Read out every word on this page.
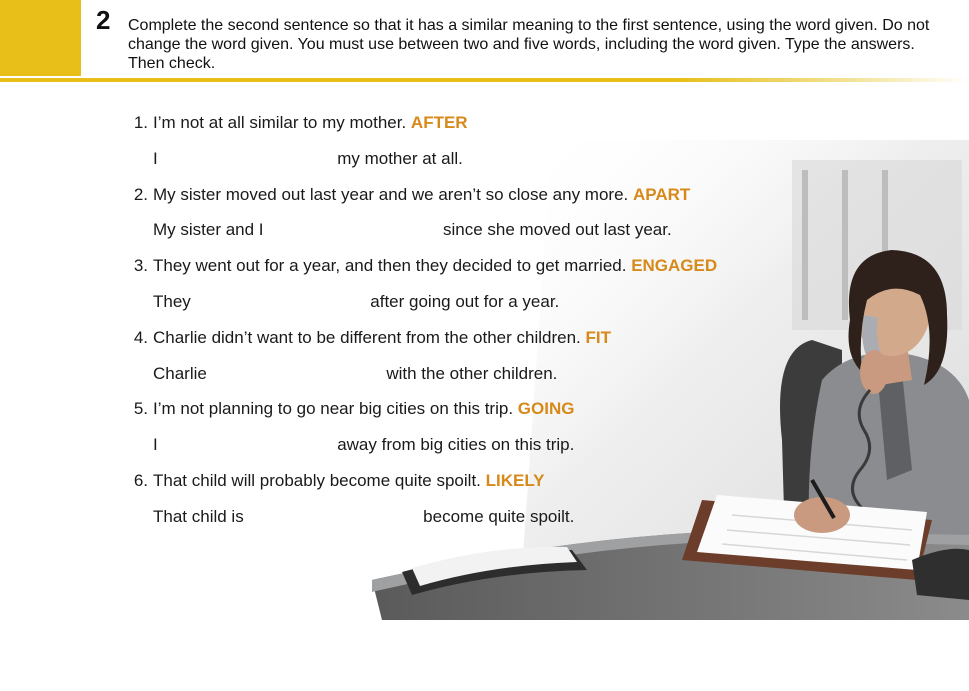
2 Complete the second sentence so that it has a similar meaning to the first sentence, using the word given. Do not change the word given. You must use between two and five words, including the word given. Type the answers. Then check.
1. I’m not at all similar to my mother. AFTER
I	my mother at all.
2. My sister moved out last year and we aren’t so close any more. APART
My sister and I	since she moved out last year.
3. They went out for a year, and then they decided to get married. ENGAGED
They	after going out for a year.
4. Charlie didn’t want to be different from the other children. FIT
Charlie	with the other children.
5. I’m not planning to go near big cities on this trip. GOING
I	away from big cities on this trip.
6. That child will probably become quite spoilt. LIKELY
That child is	become quite spoilt.
